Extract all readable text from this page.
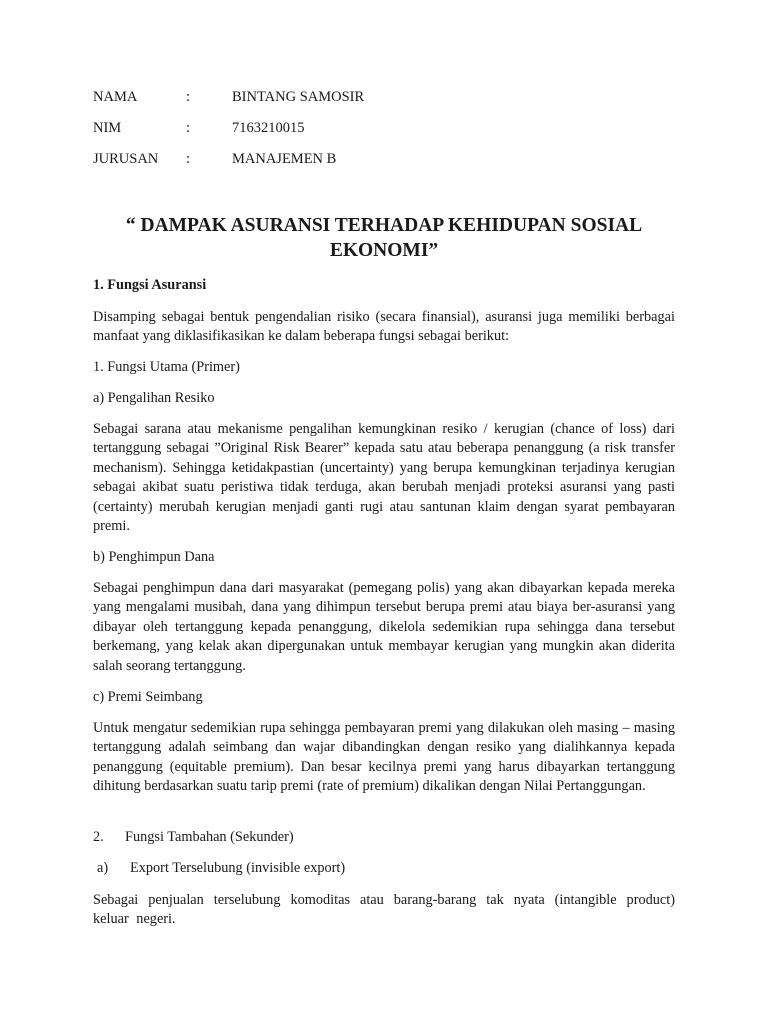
NAMA	:	BINTANG SAMOSIR
NIM	:	7163210015
JURUSAN :	MANAJEMEN B
“ DAMPAK ASURANSI TERHADAP KEHIDUPAN SOSIAL
EKONOMI”
1. Fungsi Asuransi
Disamping sebagai bentuk pengendalian risiko (secara finansial), asuransi juga memiliki berbagai manfaat yang diklasifikasikan ke dalam beberapa fungsi sebagai berikut:
1. Fungsi Utama (Primer)
a) Pengalihan Resiko
Sebagai sarana atau mekanisme pengalihan kemungkinan resiko / kerugian (chance of loss) dari tertanggung sebagai ”Original Risk Bearer” kepada satu atau beberapa penanggung (a risk transfer mechanism). Sehingga ketidakpastian (uncertainty) yang berupa kemungkinan terjadinya kerugian sebagai akibat suatu peristiwa tidak terduga, akan berubah menjadi proteksi asuransi yang pasti (certainty) merubah kerugian menjadi ganti rugi atau santunan klaim dengan syarat pembayaran premi.
b) Penghimpun Dana
Sebagai penghimpun dana dari masyarakat (pemegang polis) yang akan dibayarkan kepada mereka yang mengalami musibah, dana yang dihimpun tersebut berupa premi atau biaya ber-asuransi yang dibayar oleh tertanggung kepada penanggung, dikelola sedemikian rupa sehingga dana tersebut berkemang, yang kelak akan dipergunakan untuk membayar kerugian yang mungkin akan diderita salah seorang tertanggung.
c) Premi Seimbang
Untuk mengatur sedemikian rupa sehingga pembayaran premi yang dilakukan oleh masing – masing tertanggung adalah seimbang dan wajar dibandingkan dengan resiko yang dialihkannya kepada penanggung (equitable premium). Dan besar kecilnya premi yang harus dibayarkan tertanggung dihitung berdasarkan suatu tarip premi (rate of premium) dikalikan dengan Nilai Pertanggungan.
2. Fungsi Tambahan (Sekunder)
a) Export Terselubung (invisible export)
Sebagai penjualan terselubung komoditas atau barang-barang tak nyata (intangible product) keluar negeri.
